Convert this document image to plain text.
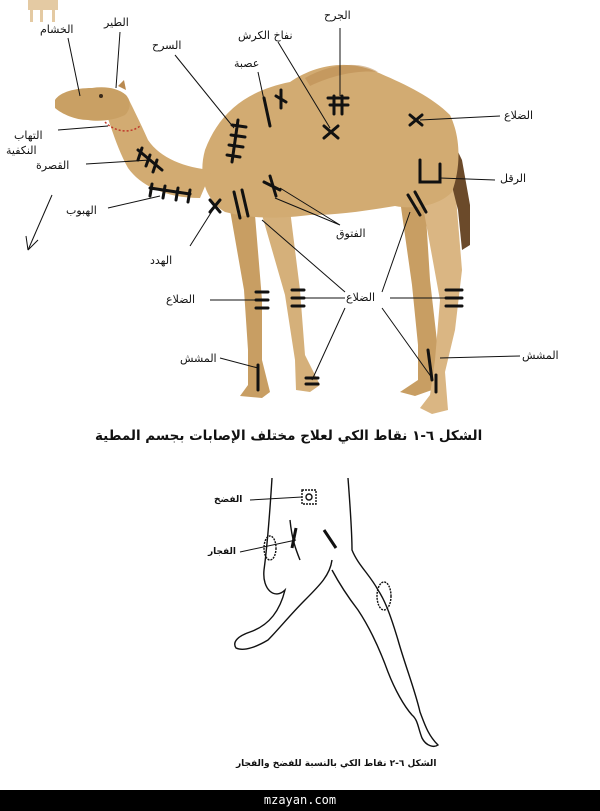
الخشام
الطير
الجرح
نفاخ الكرش
عصبة
السرح
الضلاع
التهاب
النكفية
القصرة
الهبوب
الرقل
الفتوق
الهدد
الضلاع	الضلاع
المشش	المشش
الشكل ٦-١ نقاط الكي لعلاج مختلف الإصابات بجسم المطية
الفضخ
الفجار
الشكل ٦-٢ نقاط الكي بالنسبة للفضخ والفجار
mzayan.com
